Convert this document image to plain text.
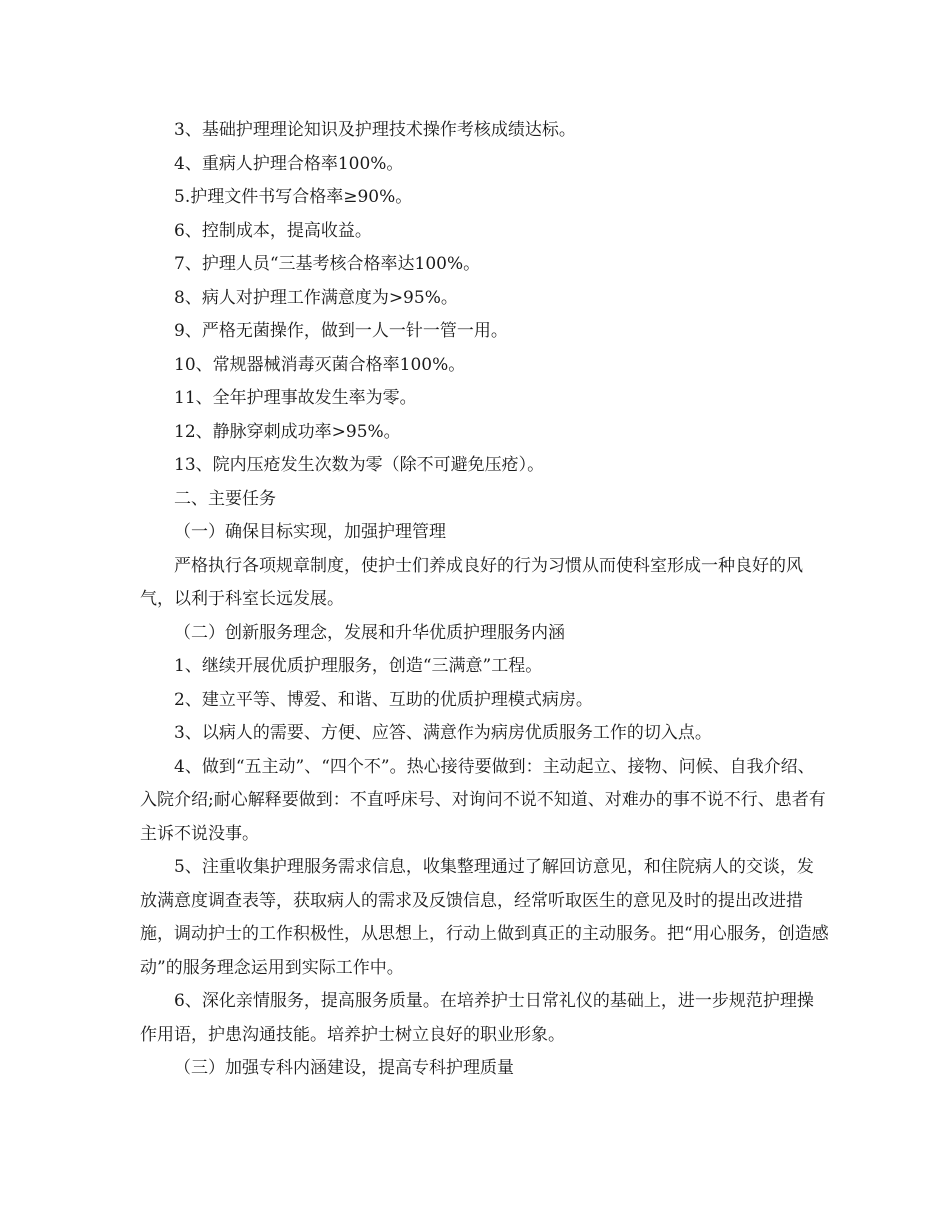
3、基础护理理论知识及护理技术操作考核成绩达标。

4、重病人护理合格率100%。

5.护理文件书写合格率≥90%。

6、控制成本，提高收益。

7、护理人员“三基考核合格率达100%。

8、病人对护理工作满意度为>95%。

9、严格无菌操作，做到一人一针一管一用。

10、常规器械消毒灭菌合格率100%。

11、全年护理事故发生率为零。

12、静脉穿刺成功率>95%。

13、院内压疮发生次数为零（除不可避免压疮）。

二、主要任务

（一）确保目标实现，加强护理管理

严格执行各项规章制度，使护士们养成良好的行为习惯从而使科室形成一种良好的风气，以利于科室长远发展。

（二）创新服务理念，发展和升华优质护理服务内涵

1、继续开展优质护理服务，创造“三满意”工程。

2、建立平等、博爱、和谐、互助的优质护理模式病房。

3、以病人的需要、方便、应答、满意作为病房优质服务工作的切入点。

4、做到“五主动”、“四个不”。热心接待要做到：主动起立、接物、问候、自我介绍、入院介绍;耐心解释要做到：不直呼床号、对询问不说不知道、对难办的事不说不行、患者有主诉不说没事。

5、注重收集护理服务需求信息，收集整理通过了解回访意见，和住院病人的交谈，发放满意度调查表等，获取病人的需求及反馈信息，经常听取医生的意见及时的提出改进措施，调动护士的工作积极性，从思想上，行动上做到真正的主动服务。把“用心服务，创造感动”的服务理念运用到实际工作中。

6、深化亲情服务，提高服务质量。在培养护士日常礼仪的基础上，进一步规范护理操作用语，护患沟通技能。培养护士树立良好的职业形象。

（三）加强专科内涵建设，提高专科护理质量
